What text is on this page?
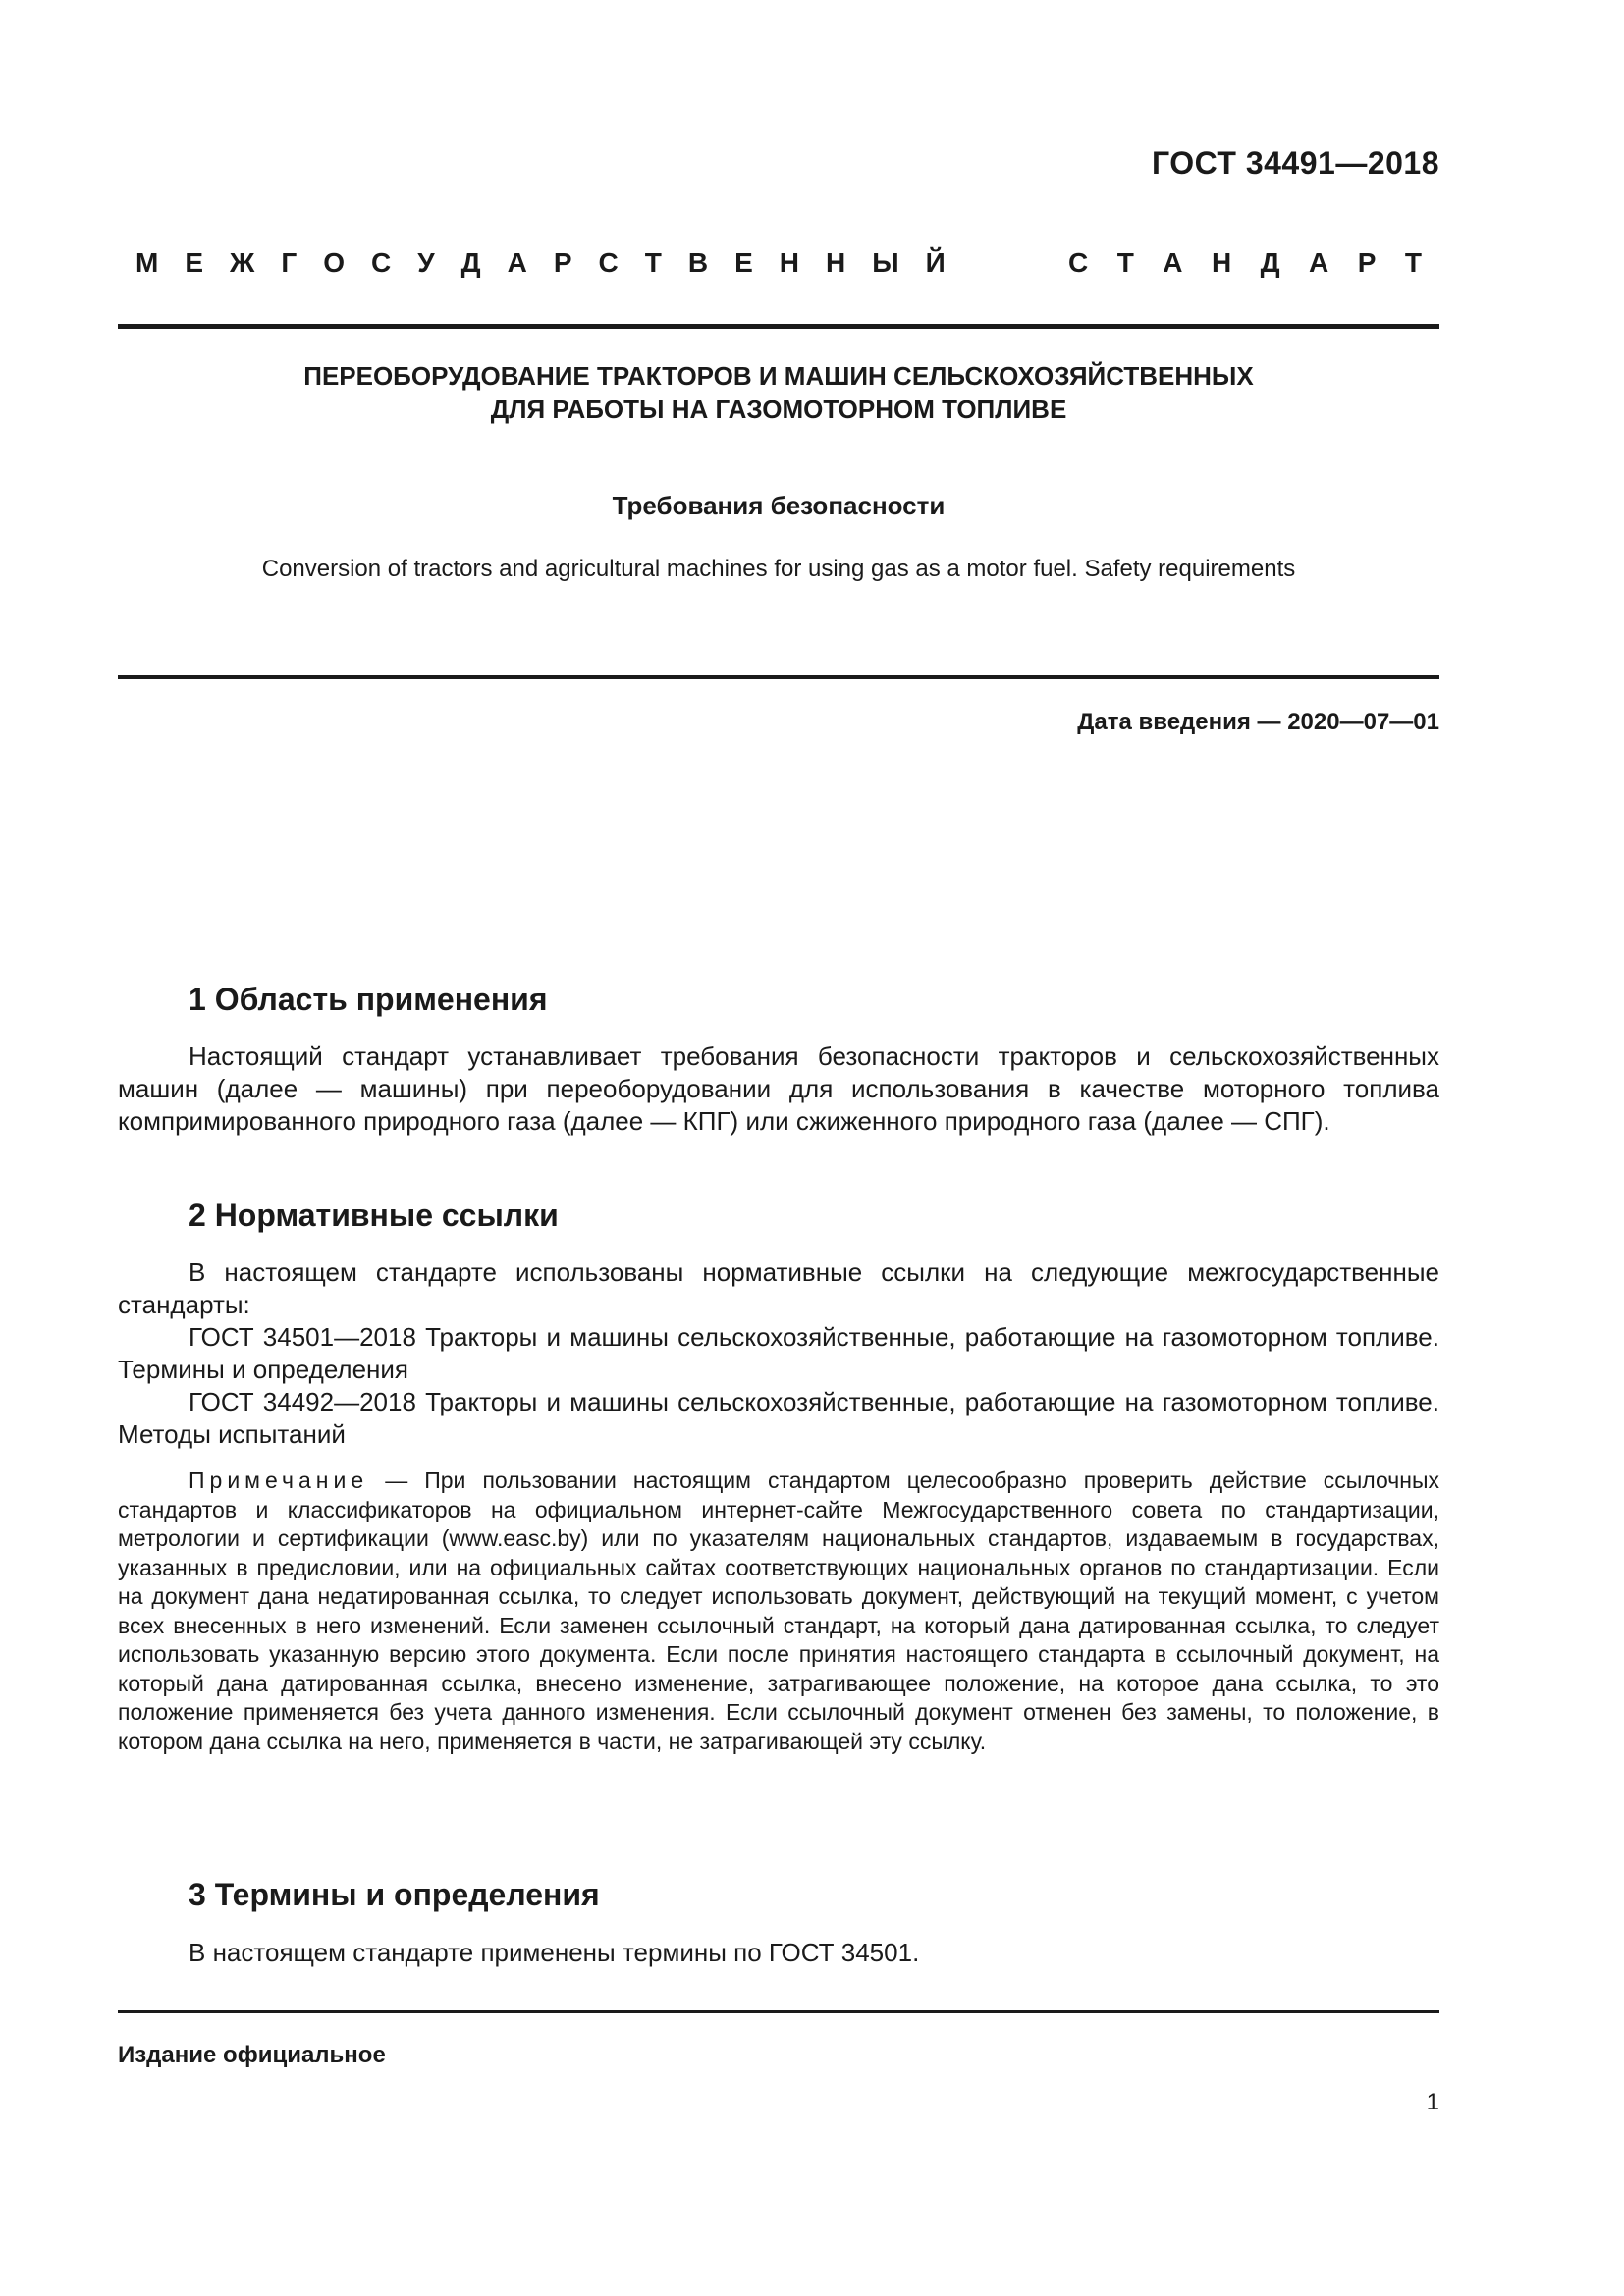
ГОСТ 34491—2018
М Е Ж Г О С У Д А Р С Т В Е Н Н Ы Й	С Т А Н Д А Р Т
ПЕРЕОБОРУДОВАНИЕ ТРАКТОРОВ И МАШИН СЕЛЬСКОХОЗЯЙСТВЕННЫХ
ДЛЯ РАБОТЫ НА ГАЗОМОТОРНОМ ТОПЛИВЕ
Требования безопасности
Conversion of tractors and agricultural machines for using gas as a motor fuel. Safety requirements
Дата введения — 2020—07—01
1 Область применения

Настоящий стандарт устанавливает требования безопасности тракторов и сельскохозяйственных машин (далее — машины) при переоборудовании для использования в качестве моторного топлива компримированного природного газа (далее — КПГ) или сжиженного природного газа (далее — СПГ).

2 Нормативные ссылки

В настоящем стандарте использованы нормативные ссылки на следующие межгосударственные стандарты:

ГОСТ 34501—2018 Тракторы и машины сельскохозяйственные, работающие на газомоторном топливе. Термины и определения

ГОСТ 34492—2018 Тракторы и машины сельскохозяйственные, работающие на газомоторном топливе. Методы испытаний

Примечание — При пользовании настоящим стандартом целесообразно проверить действие ссылочных стандартов и классификаторов на официальном интернет-сайте Межгосударственного совета по стандартизации, метрологии и сертификации (www.easc.by) или по указателям национальных стандартов, издаваемым в государствах, указанных в предисловии, или на официальных сайтах соответствующих национальных органов по стандартизации. Если на документ дана недатированная ссылка, то следует использовать документ, действующий на текущий момент, с учетом всех внесенных в него изменений. Если заменен ссылочный стандарт, на который дана датированная ссылка, то следует использовать указанную версию этого документа. Если после принятия настоящего стандарта в ссылочный документ, на который дана датированная ссылка, внесено изменение, затрагивающее положение, на которое дана ссылка, то это положение применяется без учета данного изменения. Если ссылочный документ отменен без замены, то положение, в котором дана ссылка на него, применяется в части, не затрагивающей эту ссылку.
3 Термины и определения

В настоящем стандарте применены термины по ГОСТ 34501.

Издание официальное
1
